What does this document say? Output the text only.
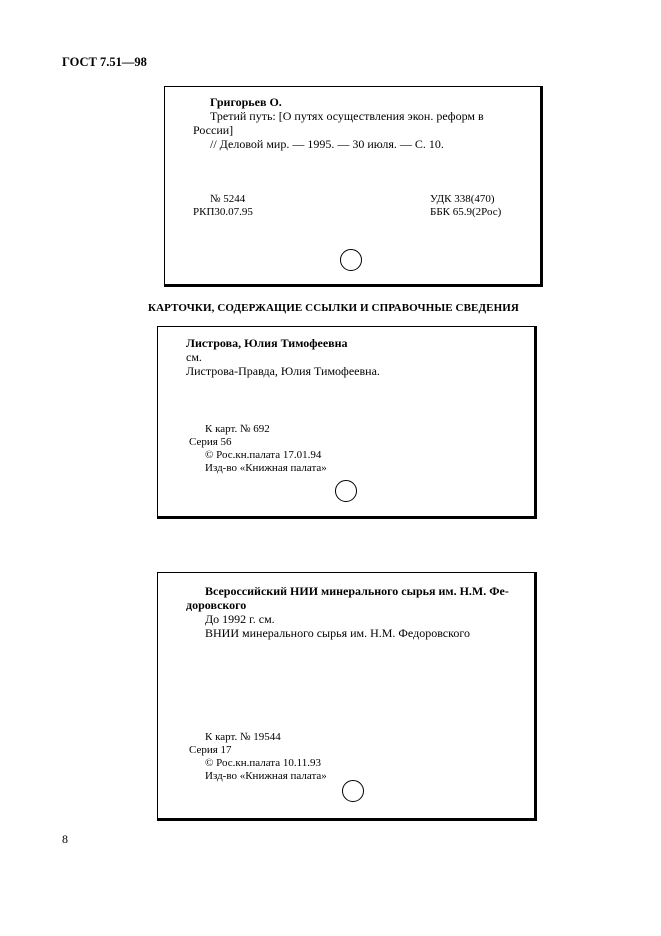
ГОСТ 7.51—98
Григорьев О.
Третий путь: [О путях осуществления экон. реформ в
России]
// Деловой мир. — 1995. — 30 июля. — С. 10.
№ 5244
РКП30.07.95
УДК 338(470)
ББК 65.9(2Рос)
КАРТОЧКИ, СОДЕРЖАЩИЕ ССЫЛКИ И СПРАВОЧНЫЕ СВЕДЕНИЯ
Листрова, Юлия Тимофеевна
см.
Листрова-Правда, Юлия Тимофеевна.
К карт. № 692
Серия 56
© Рос.кн.палата 17.01.94
Изд-во «Книжная палата»
Всероссийский НИИ минерального сырья им. Н.М. Фе-
доровского
До 1992 г. см.
ВНИИ минерального сырья им. Н.М. Федоровского
К карт. № 19544
Серия 17
© Рос.кн.палата 10.11.93
Изд-во «Книжная палата»
8
